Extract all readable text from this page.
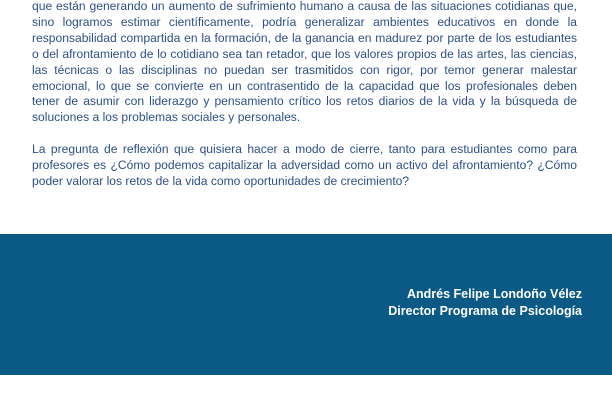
que están generando un aumento de sufrimiento humano a causa de las situaciones cotidianas que, sino logramos estimar científicamente, podría generalizar ambientes educativos en donde la responsabilidad compartida en la formación, de la ganancia en madurez por parte de los estudiantes o del afrontamiento de lo cotidiano sea tan retador, que los valores propios de las artes, las ciencias, las técnicas o las disciplinas no puedan ser trasmitidos con rigor, por temor generar malestar emocional, lo que se convierte en un contrasentido de la capacidad que los profesionales deben tener de asumir con liderazgo y pensamiento crítico los retos diarios de la vida y la búsqueda de soluciones a los problemas sociales y personales.

La pregunta de reflexión que quisiera hacer a modo de cierre, tanto para estudiantes como para profesores es ¿Cómo podemos capitalizar la adversidad como un activo del afrontamiento? ¿Cómo poder valorar los retos de la vida como oportunidades de crecimiento?

Andrés Felipe Londoño Vélez
Director Programa de Psicología
